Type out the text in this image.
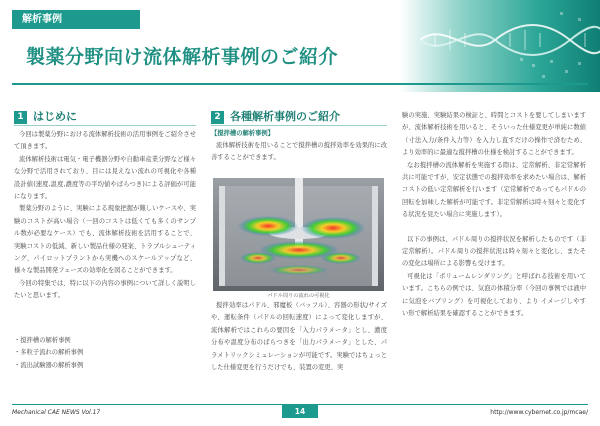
解析事例
製薬分野向け流体解析事例のご紹介
1 はじめに

今回は製薬分野における流体解析技術の活用事例をご紹介させて頂きます。

流体解析技術は電気・電子機器分野や自動車産業分野など様々な分野で活用されており、目には見えない流れの可視化や各種設計値(速度,温度,濃度等の平均値やばらつき)による評価が可能になります。

製薬分野のように、実験による現象把握が難しいケースや、実験のコストが高い場合（一回のコストは低くても多くのサンプル数が必要なケース）でも、流体解析技術を活用することで、実験コストの低減、新しい製品仕様の発案、トラブルシューティング、パイロットプラントから実機へのスケールアップなど、様々な製品開発フェーズの効率化を図ることができます。

今回の特集では、特に以下の内容の事例について詳しく説明したいと思います。

・撹拌槽の解析事例
・多粒子流れの解析事例
・流出試験器の解析事例
2 各種解析事例のご紹介
【撹拌槽の解析事例】

流体解析技術を用いることで撹拌槽の撹拌効率を効果的に改善することができます。

パドル周りの流れの可視化

撹拌効率はパドル、邪魔板（バッフル）、容器の形状/サイズや、運転条件（パドルの回転速度）によって変化しますが、流体解析ではこれらの要因を「入力パラメータ」とし、濃度分布や温度分布のばらつきを「出力パラメータ」とした、パラメトリックシミュレーションが可能です。実験ではちょっとした仕様変更を行うだけでも、装置の変更、実

験の実施、実験結果の検証と、時間とコストを要してしまいますが、流体解析技術を用いると、そういった仕様変更が単純に数値（寸法入力/条件入力等）を入力し直すだけの操作で済むため、より効率的に最適な撹拌槽の仕様を検討することができます。

なお撹拌槽の流体解析を実施する際は、定常解析、非定常解析共に可能ですが、安定状態での撹拌効率を求めたい場合は、解析コストの低い定常解析を行います（定常解析であってもパドルの回転を加味した解析が可能です。非定常解析は時々刻々と変化する状況を見たい場合に実施します）。

以下の事例は、パドル周りの撹拌状況を解析したものです（非定常解析）。パドル周りの撹拌状況は時々刻々と変化し、またその変化は場所による影響も受けます。

可視化は「ボリュームレンダリング」と呼ばれる技術を用いています。こちらの例では、気泡の体積分率（今回の事例では液中に気泡をバブリング）を可視化しており、より イメージしやすい形で解析結果を確認することができます。

Mechanical CAE NEWS Vol.17	14	http://www.cybernet.co.jp/mcae/
